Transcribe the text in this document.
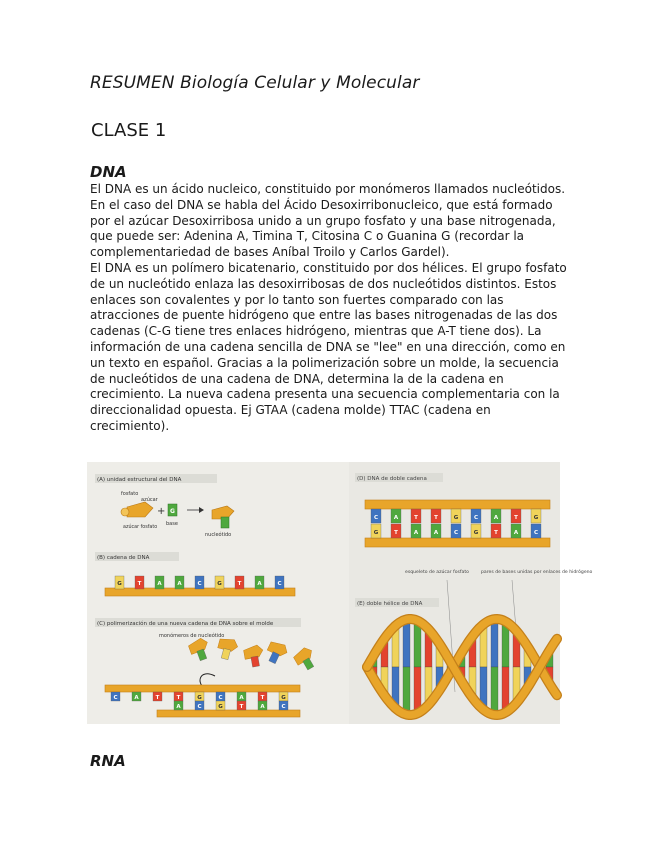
RESUMEN Biología Celular y Molecular
CLASE 1
DNA
El DNA es un ácido nucleico, constituido por monómeros llamados nucleótidos.
En el caso del DNA se habla del Ácido Desoxirribonucleico, que está formado
por el azúcar Desoxirribosa unido a un grupo fosfato y una base nitrogenada,
que puede ser: Adenina A, Timina T, Citosina C o Guanina G (recordar la
complementariedad de bases Aníbal Troilo y Carlos Gardel).
El DNA es un polímero bicatenario, constituido por dos hélices. El grupo fosfato
de un nucleótido enlaza las desoxirribosas de dos nucleótidos distintos. Estos
enlaces son covalentes y por lo tanto son fuertes comparado con las
atracciones de puente hidrógeno que entre las bases nitrogenadas de las dos
cadenas (C-G tiene tres enlaces hidrógeno, mientras que A-T tiene dos). La
información de una cadena sencilla de DNA se "lee" en una dirección, como en
un texto en español. Gracias a la polimerización sobre un molde, la secuencia
de nucleótidos de una cadena de DNA, determina la de la cadena en
crecimiento. La nueva cadena presenta una secuencia complementaria con la
direccionalidad opuesta. Ej GTAA (cadena molde) TTAC (cadena en
crecimiento).
(A) unidad estructural del DNA
(B) cadena de DNA
(C) polimerización de una nueva cadena de DNA sobre el molde
(D) DNA de doble cadena
(E) doble hélice de DNA
fosfato
azúcar
azúcar fosfato
+ G
base
nucleótido
G	T	A	A	C	G	T	A	C
monómeros de nucleótido
C	A	T	T	G	C	A	T	G
A	C	G	T	A	C
C	A	T	T	G	C	A	T	G
G	T	A	A	C	G	T	A	C
esqueleto de azúcar fosfato	pares de bases unidas por enlaces de hidrógeno
RNA
